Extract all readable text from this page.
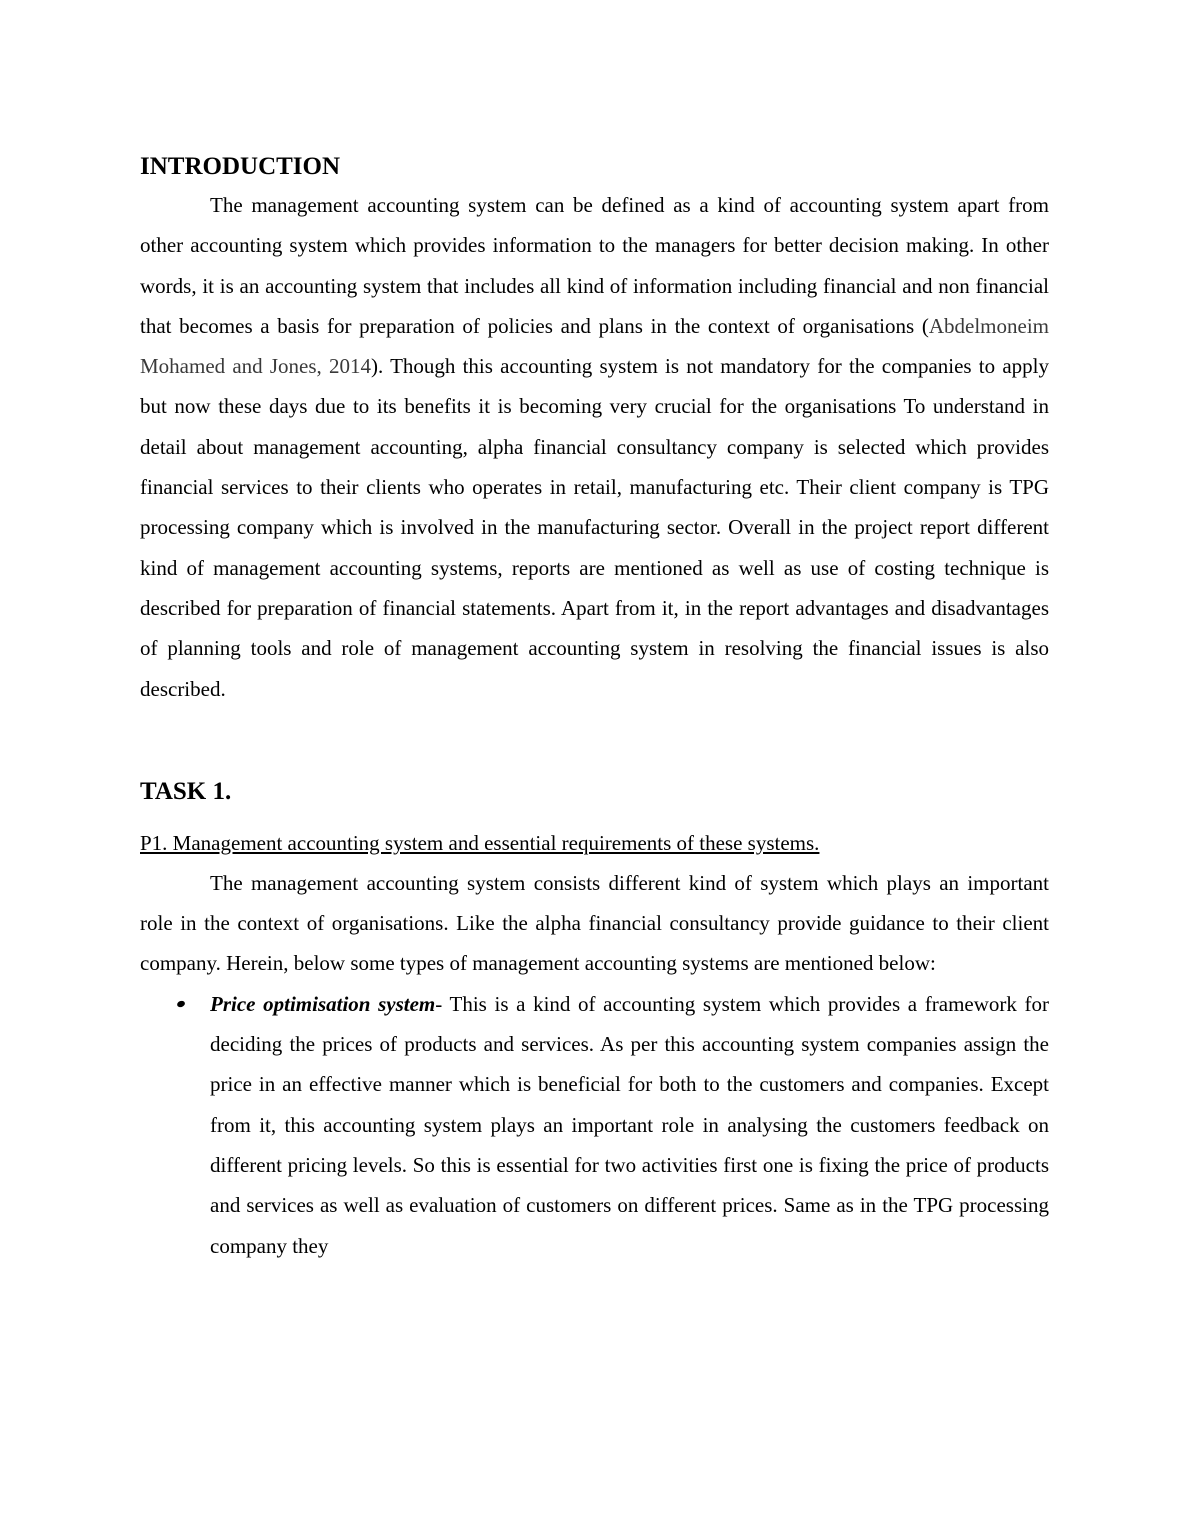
INTRODUCTION

The management accounting system can be defined as a kind of accounting system apart from other accounting system which provides information to the managers for better decision making. In other words, it is an accounting system that includes all kind of information including financial and non financial that becomes a basis for preparation of policies and plans in the context of organisations (Abdelmoneim Mohamed and Jones, 2014). Though this accounting system is not mandatory for the companies to apply but now these days due to its benefits it is becoming very crucial for the organisations To understand in detail about management accounting, alpha financial consultancy company is selected which provides financial services to their clients who operates in retail, manufacturing etc. Their client company is TPG processing company which is involved in the manufacturing sector. Overall in the project report different kind of management accounting systems, reports are mentioned as well as use of costing technique is described for preparation of financial statements. Apart from it, in the report advantages and disadvantages of planning tools and role of management accounting system in resolving the financial issues is also described.

TASK 1.
P1. Management accounting system and essential requirements of these systems.

The management accounting system consists different kind of system which plays an important role in the context of organisations. Like the alpha financial consultancy provide guidance to their client company. Herein, below some types of management accounting systems are mentioned below:

Price optimisation system- This is a kind of accounting system which provides a framework for deciding the prices of products and services. As per this accounting system companies assign the price in an effective manner which is beneficial for both to the customers and companies. Except from it, this accounting system plays an important role in analysing the customers feedback on different pricing levels. So this is essential for two activities first one is fixing the price of products and services as well as evaluation of customers on different prices. Same as in the TPG processing company they
